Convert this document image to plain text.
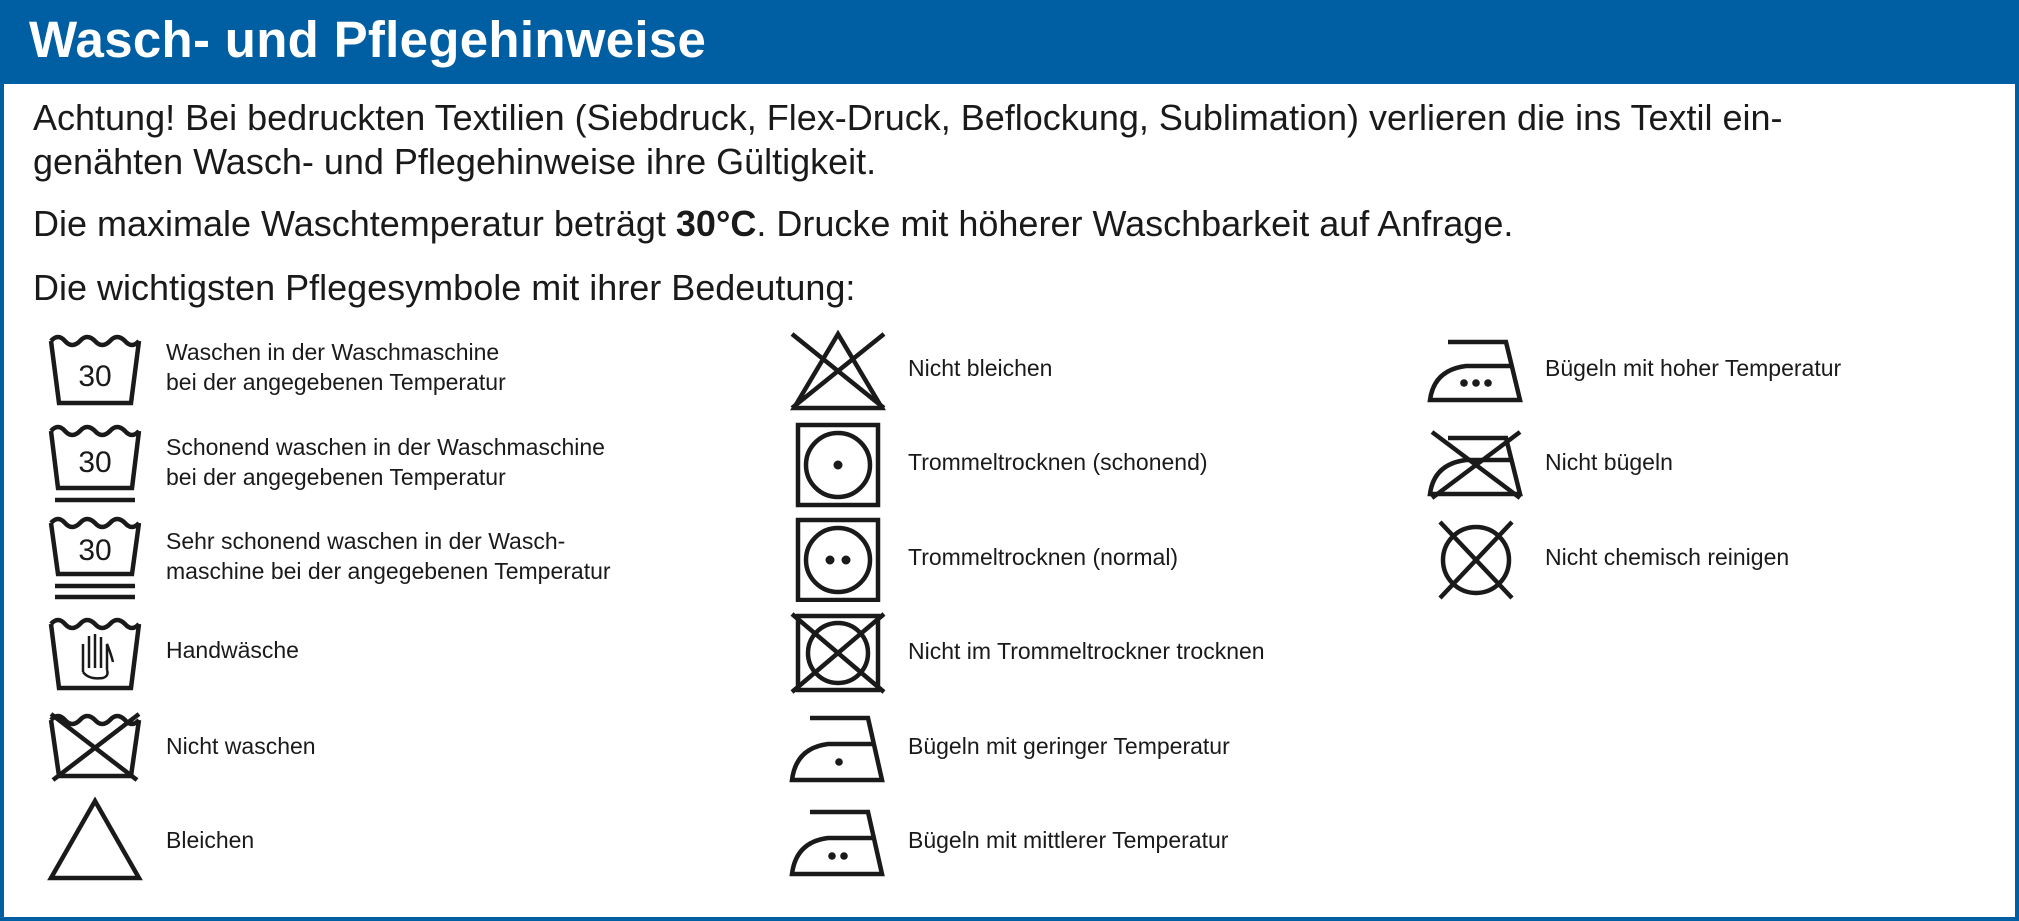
Wasch- und Pflegehinweise

Achtung! Bei bedruckten Textilien (Siebdruck, Flex-Druck, Beflockung, Sublimation) verlieren die ins Textil ein-
genähten Wasch- und Pflegehinweise ihre Gültigkeit.

Die maximale Waschtemperatur beträgt 30°C. Drucke mit höherer Waschbarkeit auf Anfrage.

Die wichtigsten Pflegesymbole mit ihrer Bedeutung:

30
Waschen in der Waschmaschine
bei der angegebenen Temperatur
30 Schonend waschen in der Waschmaschine
bei der angegebenen Temperatur
30 Sehr schonend waschen in der Wasch-
maschine bei der angegebenen Temperatur
Handwäsche
Nicht waschen
Bleichen
Nicht bleichen
Trommeltrocknen (schonend)
Trommeltrocknen (normal)
Nicht im Trommeltrockner trocknen
Bügeln mit geringer Temperatur
Bügeln mit mittlerer Temperatur
Bügeln mit hoher Temperatur
Nicht bügeln
Nicht chemisch reinigen
